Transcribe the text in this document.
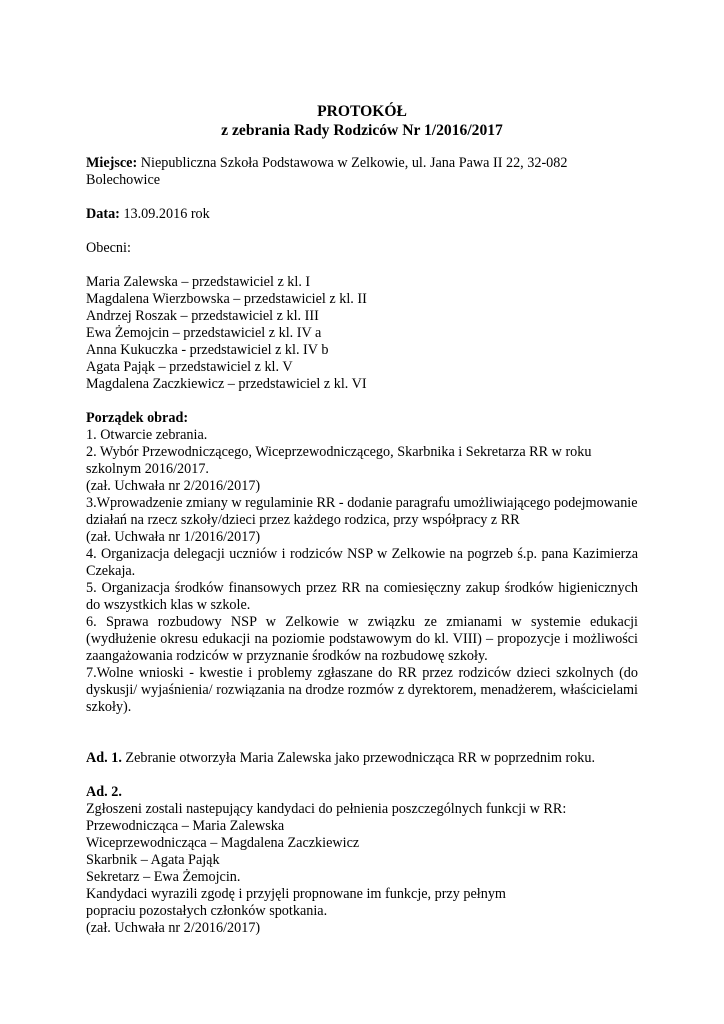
PROTOKÓŁ
z zebrania Rady Rodziców Nr 1/2016/2017

Miejsce: Niepubliczna Szkoła Podstawowa w Zelkowie, ul. Jana Pawa II 22, 32-082
Bolechowice

Data: 13.09.2016 rok

Obecni:

Maria Zalewska – przedstawiciel z kl. I

Magdalena Wierzbowska – przedstawiciel z kl. II

Andrzej Roszak – przedstawiciel z kl. III

Ewa Żemojcin – przedstawiciel z kl. IV a

Anna Kukuczka - przedstawiciel z kl. IV b

Agata Pająk – przedstawiciel z kl. V

Magdalena Zaczkiewicz – przedstawiciel z kl. VI

Porządek obrad:

1. Otwarcie zebrania.

2. Wybór Przewodniczącego, Wiceprzewodniczącego, Skarbnika i Sekretarza RR w roku szkolnym 2016/2017.

(zał. Uchwała nr 2/2016/2017)

3.Wprowadzenie zmiany w regulaminie RR - dodanie paragrafu umożliwiającego podejmowanie działań na rzecz szkoły/dzieci przez każdego rodzica, przy współpracy z RR

(zał. Uchwała nr 1/2016/2017)

4. Organizacja delegacji uczniów i rodziców NSP w Zelkowie na pogrzeb ś.p. pana Kazimierza Czekaja.

5. Organizacja środków finansowych przez RR na comiesięczny zakup środków higienicznych do wszystkich klas w szkole.

6. Sprawa rozbudowy NSP w Zelkowie w związku ze zmianami w systemie edukacji (wydłużenie okresu edukacji na poziomie podstawowym do kl. VIII) – propozycje i możliwości zaangażowania rodziców w przyznanie środków na rozbudowę szkoły.

7.Wolne wnioski - kwestie i problemy zgłaszane do RR przez rodziców dzieci szkolnych (do dyskusji/ wyjaśnienia/ rozwiązania na drodze rozmów z dyrektorem, menadżerem, właścicielami szkoły).

Ad. 1. Zebranie otworzyła Maria Zalewska jako przewodnicząca RR w poprzednim roku.

Ad. 2.

Zgłoszeni zostali nastepujący kandydaci do pełnienia poszczególnych funkcji w RR:

Przewodnicząca – Maria Zalewska

Wiceprzewodnicząca – Magdalena Zaczkiewicz

Skarbnik – Agata Pająk

Sekretarz – Ewa Żemojcin.

Kandydaci wyrazili zgodę i przyjęli propnowane im funkcje, przy pełnym popraciu pozostałych członków spotkania.

(zał. Uchwała nr 2/2016/2017)
